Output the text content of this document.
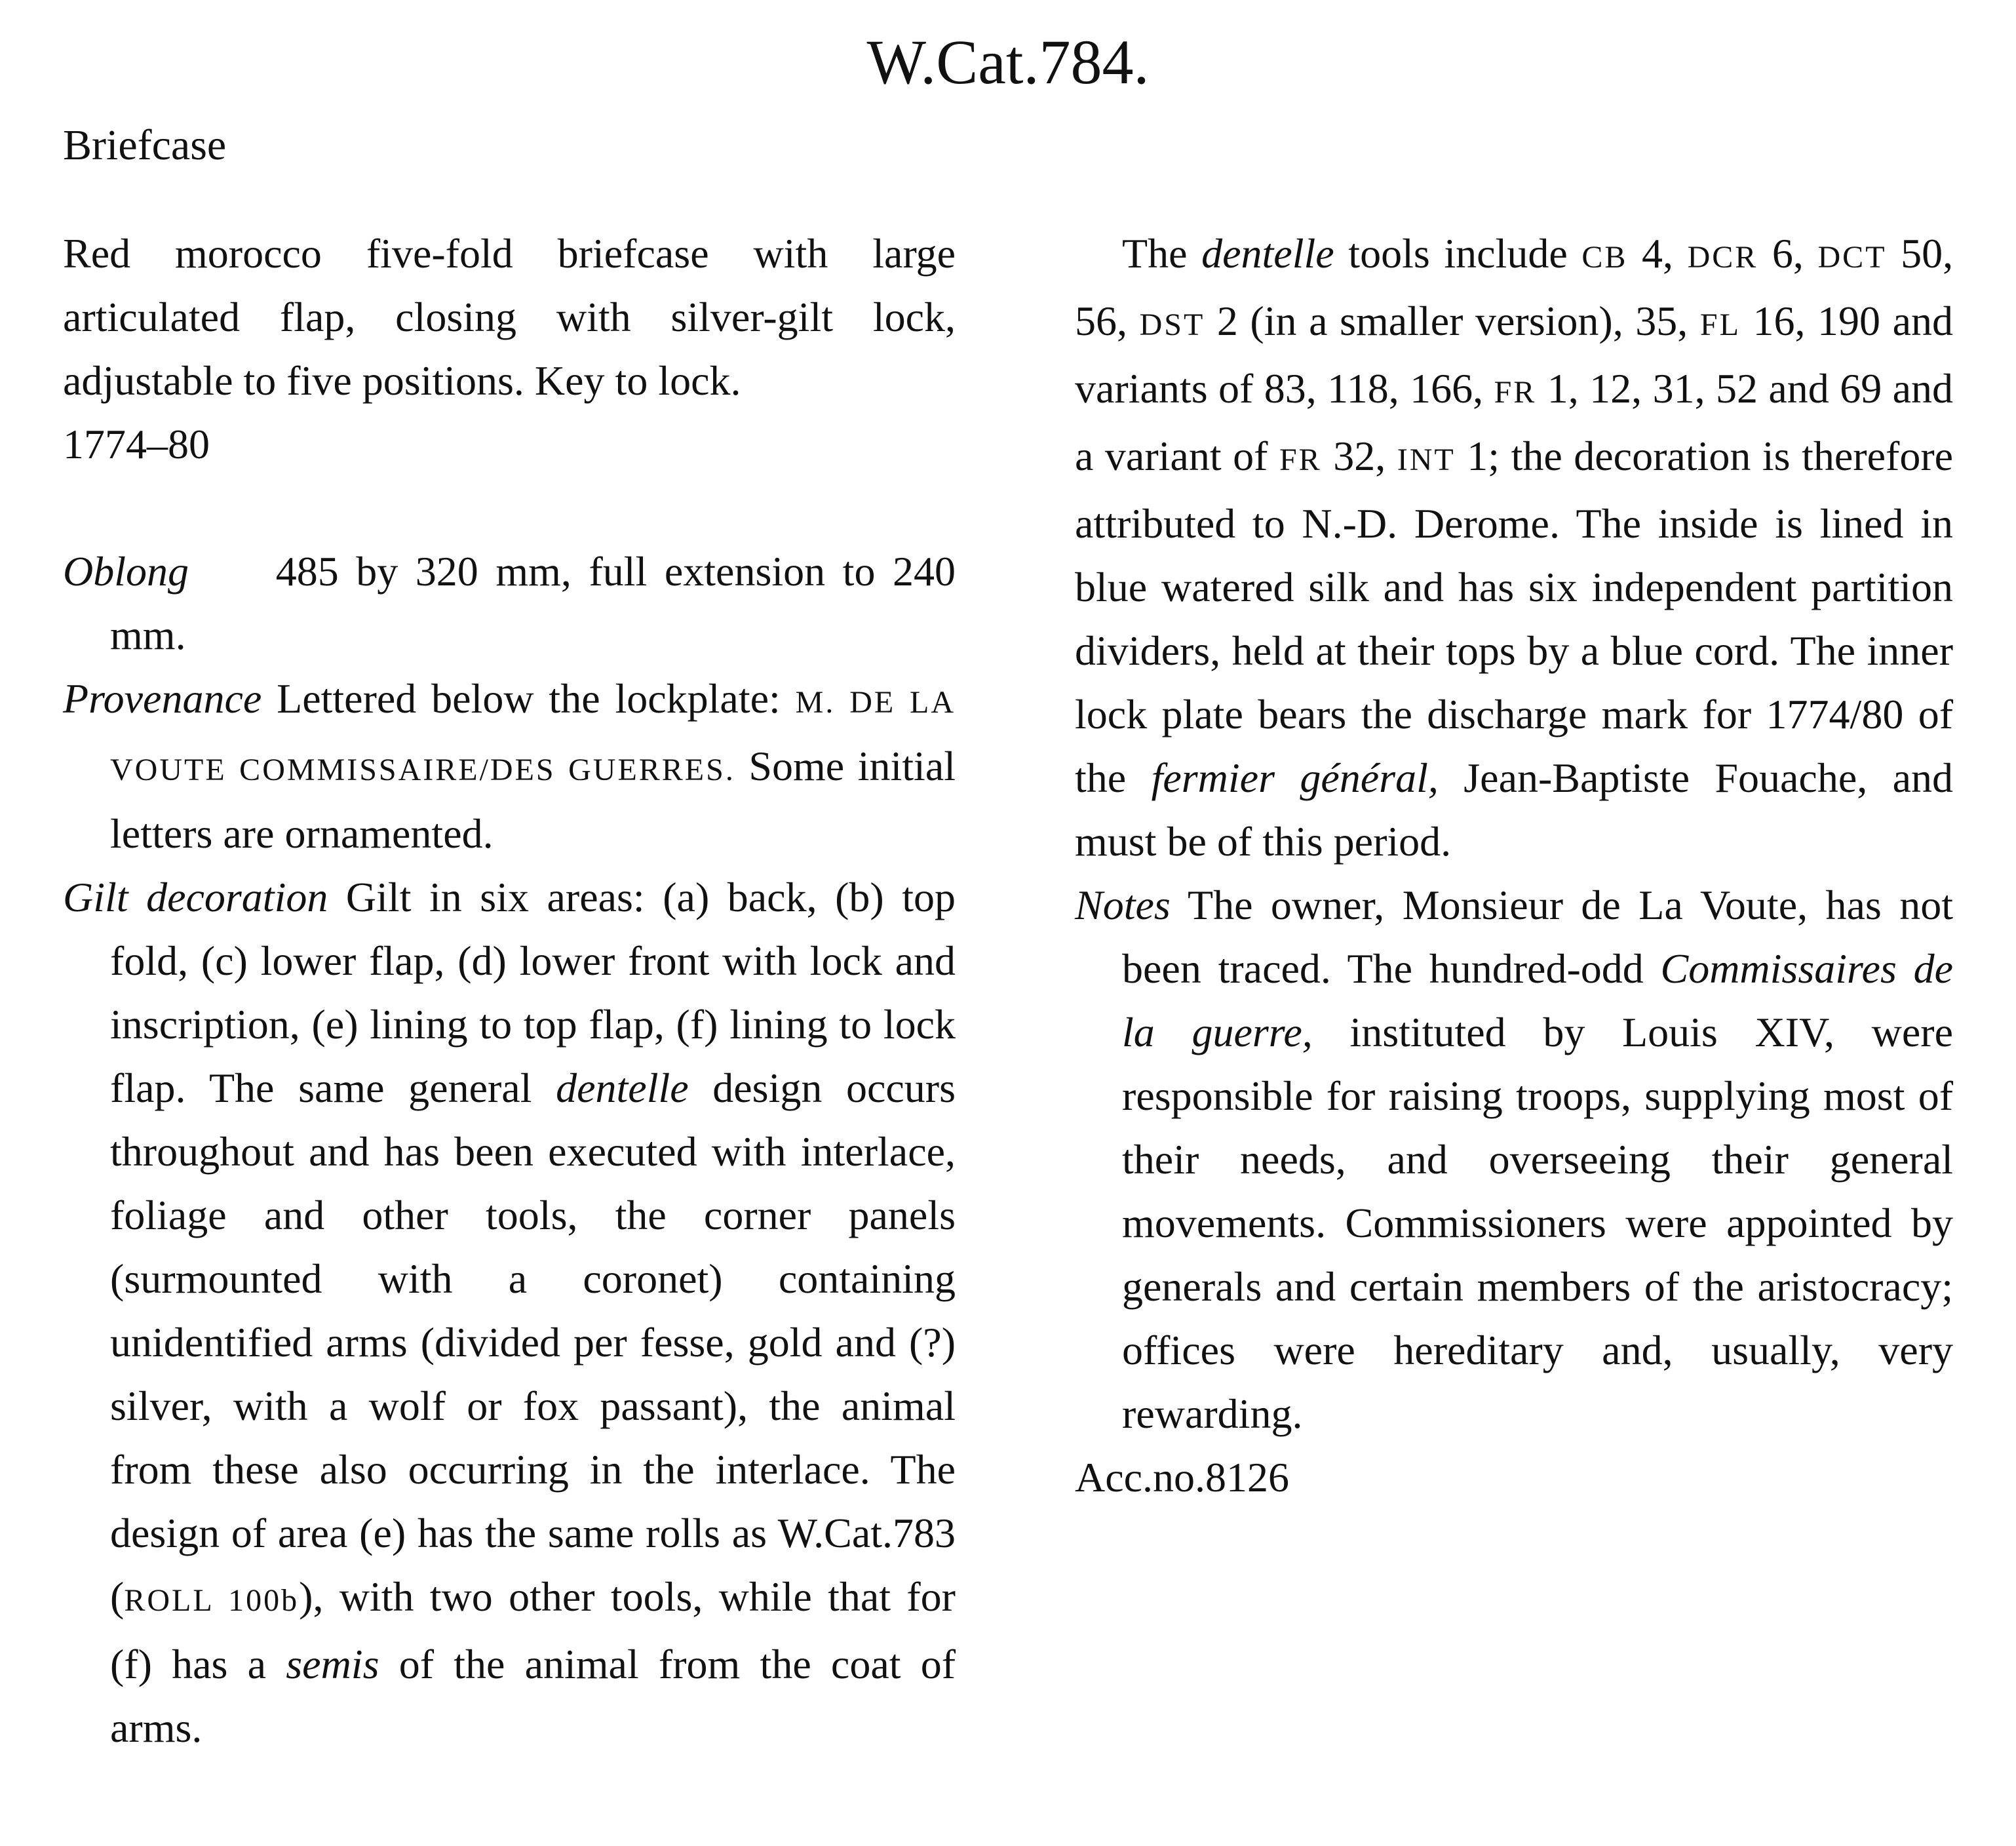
W.Cat.784.
Briefcase

Red morocco five-fold briefcase with large articulated flap, closing with silver-gilt lock, adjustable to five positions. Key to lock.
1774–80

Oblong 485 by 320 mm, full extension to 240 mm.

Provenance Lettered below the lockplate: M. DE LA VOUTE COMMISSAIRE/DES GUERRES. Some initial letters are ornamented.

Gilt decoration Gilt in six areas: (a) back, (b) top fold, (c) lower flap, (d) lower front with lock and inscription, (e) lining to top flap, (f) lining to lock flap. The same general dentelle design occurs throughout and has been executed with interlace, foliage and other tools, the corner panels (surmounted with a coronet) containing unidentified arms (divided per fesse, gold and (?) silver, with a wolf or fox passant), the animal from these also occurring in the interlace. The design of area (e) has the same rolls as W.Cat.783 (ROLL 100b), with two other tools, while that for (f) has a semis of the animal from the coat of arms.

The dentelle tools include CB 4, DCR 6, DCT 50, 56, DST 2 (in a smaller version), 35, FL 16, 190 and variants of 83, 118, 166, FR 1, 12, 31, 52 and 69 and a variant of FR 32, INT 1; the decoration is therefore attributed to N.-D. Derome. The inside is lined in blue watered silk and has six independent partition dividers, held at their tops by a blue cord. The inner lock plate bears the discharge mark for 1774/80 of the fermier général, Jean-Baptiste Fouache, and must be of this period.

Notes The owner, Monsieur de La Voute, has not been traced. The hundred-odd Commissaires de la guerre, instituted by Louis XIV, were responsible for raising troops, supplying most of their needs, and overseeing their general movements. Commissioners were appointed by generals and certain members of the aristocracy; offices were hereditary and, usually, very rewarding.

Acc.no.8126
